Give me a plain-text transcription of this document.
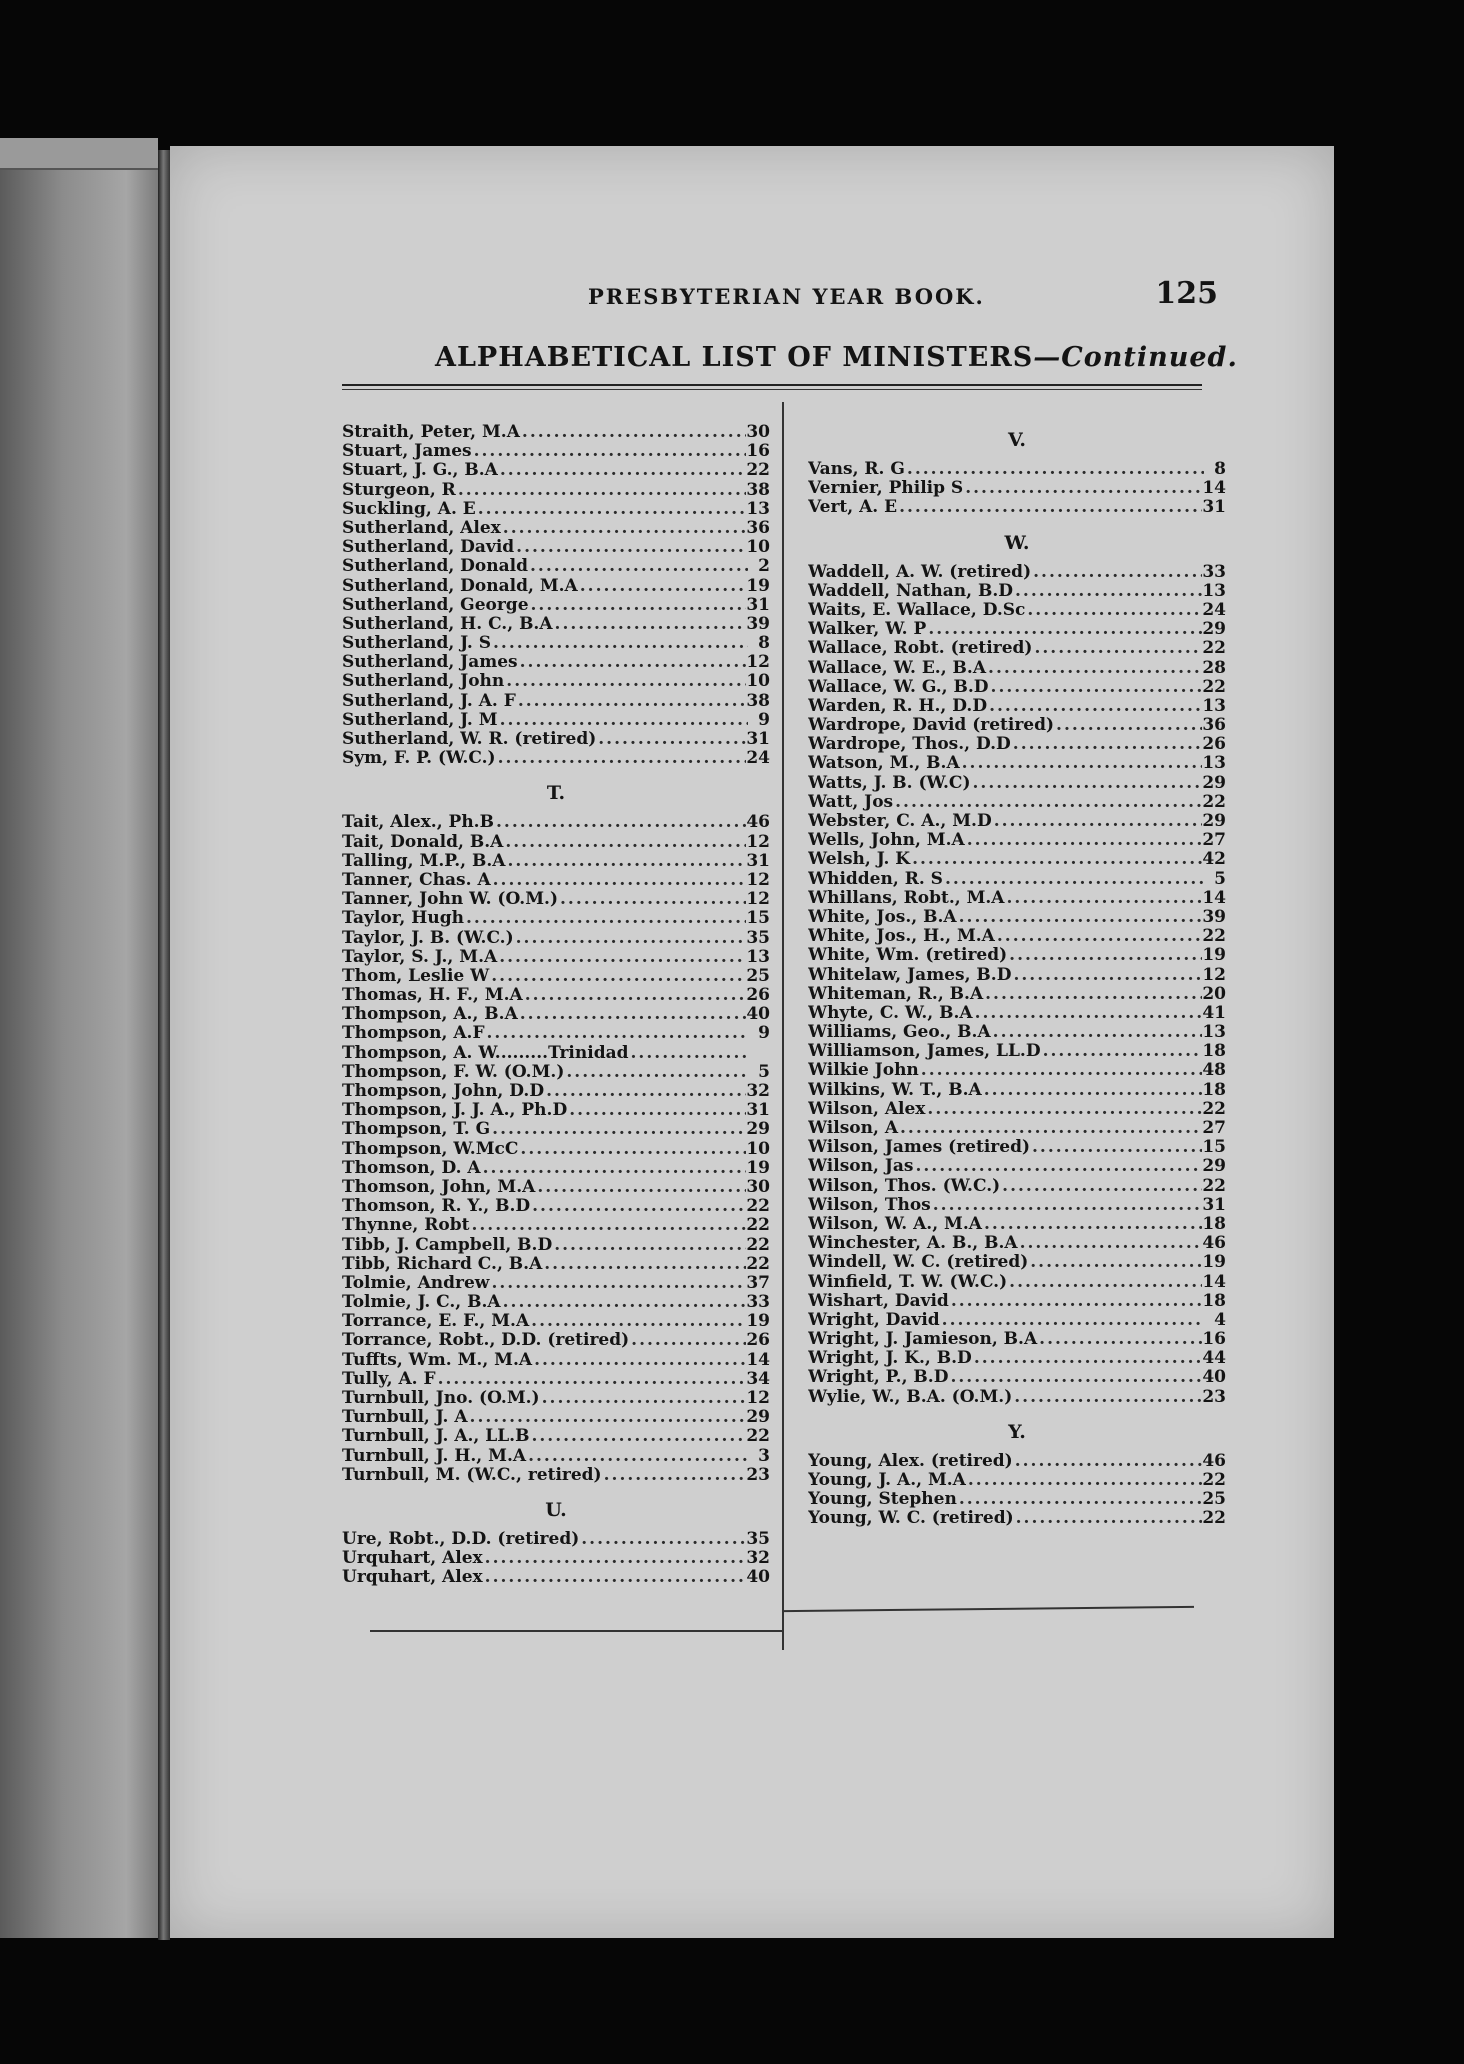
PRESBYTERIAN YEAR BOOK.	125
ALPHABETICAL LIST OF MINISTERS—Continued.
Straith, Peter, M.A .....	30
Stuart, James .....	16
Stuart, J. G., B.A .....	22
Sturgeon, R .....	38
Suckling, A. E .....	13
Sutherland, Alex .....	36
Sutherland, David .....	10
Sutherland, Donald .....	2
Sutherland, Donald, M.A .....	19
Sutherland, George .....	31
Sutherland, H. C., B.A .....	39
Sutherland, J. S .....	8
Sutherland, James .....	12
Sutherland, John .....	10
Sutherland, J. A. F .....	38
Sutherland, J. M .....	9
Sutherland, W. R. (retired) .....	31
Sym, F. P. (W.C.) .....	24
T.
Tait, Alex., Ph.B .....	46
Tait, Donald, B.A .....	12
Talling, M.P., B.A .....	31
Tanner, Chas. A .....	12
Tanner, John W. (O.M.) .....	12
Taylor, Hugh .....	15
Taylor, J. B. (W.C.) .....	35
Taylor, S. J., M.A .....	13
Thom, Leslie W .....	25
Thomas, H. F., M.A .....	26
Thompson, A., B.A .....	40
Thompson, A.F .....	9
Thompson, A. W.........Trinidad
.....
Thompson, F. W. (O.M.) .....	5
Thompson, John, D.D .....	32
Thompson, J. J. A., Ph.D .....	31
Thompson, T. G .....	29
Thompson, W.McC .....	10
Thomson, D. A .....	19
Thomson, John, M.A .....	30
Thomson, R. Y., B.D .....	22
Thynne, Robt .....	22
Tibb, J. Campbell, B.D .....	22
Tibb, Richard C., B.A .....	22
Tolmie, Andrew .....	37
Tolmie, J. C., B.A .....	33
Torrance, E. F., M.A .....	19
Torrance, Robt., D.D. (retired) .....	26
Tuffts, Wm. M., M.A .....	14
Tully, A. F .....	34
Turnbull, Jno. (O.M.) .....	12
Turnbull, J. A .....	29
Turnbull, J. A., LL.B .....	22
Turnbull, J. H., M.A .....	3
Turnbull, M. (W.C., retired) .....	23
U.
Ure, Robt., D.D. (retired) .....	35
Urquhart, Alex .....	32
Urquhart, Alex .....	40
V.
Vans, R. G .....	8
Vernier, Philip S .....	14
Vert, A. E .....	31
W.
Waddell, A. W. (retired) .....	33
Waddell, Nathan, B.D .....	13
Waits, E. Wallace, D.Sc .....	24
Walker, W. P .....	29
Wallace, Robt. (retired) .....	22
Wallace, W. E., B.A .....	28
Wallace, W. G., B.D .....	22
Warden, R. H., D.D .....	13
Wardrope, David (retired) .....	36
Wardrope, Thos., D.D .....	26
Watson, M., B.A .....	13
Watts, J. B. (W.C) .....	29
Watt, Jos .....	22
Webster, C. A., M.D .....	29
Wells, John, M.A .....	27
Welsh, J. K .....	42
Whidden, R. S .....	5
Whillans, Robt., M.A .....	14
White, Jos., B.A .....	39
White, Jos., H., M.A .....	22
White, Wm. (retired) .....	19
Whitelaw, James, B.D .....	12
Whiteman, R., B.A .....	20
Whyte, C. W., B.A .....	41
Williams, Geo., B.A .....	13
Williamson, James, LL.D .....	18
Wilkie John .....	48
Wilkins, W. T., B.A .....	18
Wilson, Alex .....	22
Wilson, A .....	27
Wilson, James (retired) .....	15
Wilson, Jas .....	29
Wilson, Thos. (W.C.) .....	22
Wilson, Thos .....	31
Wilson, W. A., M.A .....	18
Winchester, A. B., B.A .....	46
Windell, W. C. (retired) .....	19
Winfield, T. W. (W.C.) .....	14
Wishart, David .....	18
Wright, David .....	4
Wright, J. Jamieson, B.A .....	16
Wright, J. K., B.D .....	44
Wright, P., B.D .....	40
Wylie, W., B.A. (O.M.) .....	23
Y.
Young, Alex. (retired) .....	46
Young, J. A., M.A .....	22
Young, Stephen .....	25
Young, W. C. (retired) .....	22
